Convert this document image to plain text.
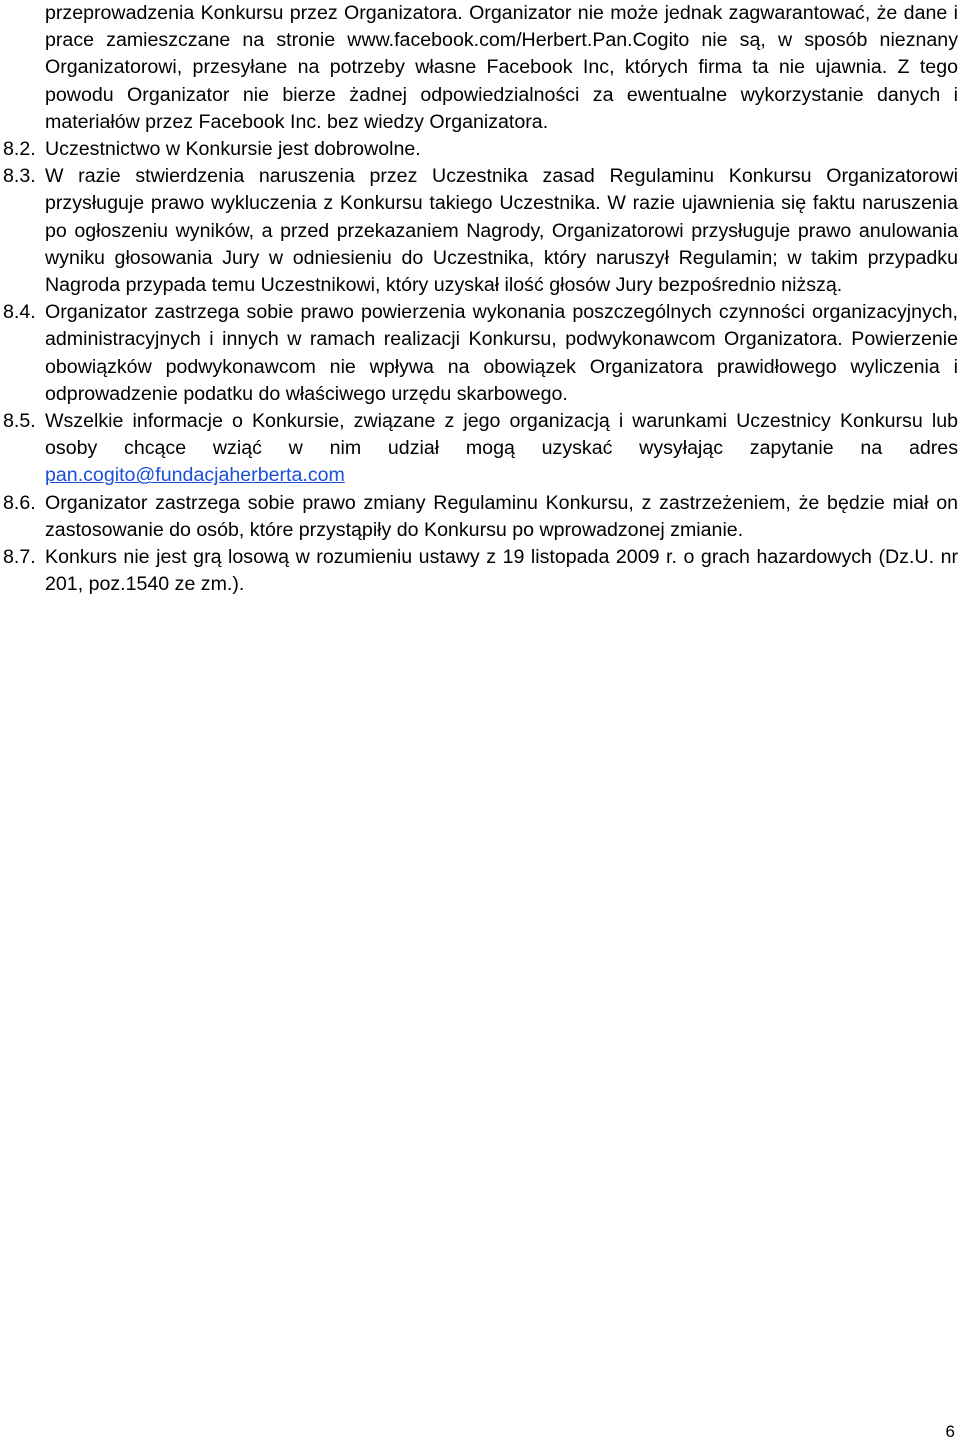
przeprowadzenia Konkursu przez Organizatora. Organizator nie może jednak zagwarantować, że dane i prace zamieszczane na stronie www.facebook.com/Herbert.Pan.Cogito nie są, w sposób nieznany Organizatorowi, przesyłane na potrzeby własne Facebook Inc, których firma ta nie ujawnia. Z tego powodu Organizator nie bierze żadnej odpowiedzialności za ewentualne wykorzystanie danych i materiałów przez Facebook Inc. bez wiedzy Organizatora.

8.2. Uczestnictwo w Konkursie jest dobrowolne.
8.3. W razie stwierdzenia naruszenia przez Uczestnika zasad Regulaminu Konkursu Organizatorowi przysługuje prawo wykluczenia z Konkursu takiego Uczestnika. W razie ujawnienia się faktu naruszenia po ogłoszeniu wyników, a przed przekazaniem Nagrody, Organizatorowi przysługuje prawo anulowania wyniku głosowania Jury w odniesieniu do Uczestnika, który naruszył Regulamin; w takim przypadku Nagroda przypada temu Uczestnikowi, który uzyskał ilość głosów Jury bezpośrednio niższą.
8.4. Organizator zastrzega sobie prawo powierzenia wykonania poszczególnych czynności organizacyjnych, administracyjnych i innych w ramach realizacji Konkursu, podwykonawcom Organizatora. Powierzenie obowiązków podwykonawcom nie wpływa na obowiązek Organizatora prawidłowego wyliczenia i odprowadzenie podatku do właściwego urzędu skarbowego.
8.5. Wszelkie informacje o Konkursie, związane z jego organizacją i warunkami Uczestnicy Konkursu lub osoby chcące wziąć w nim udział mogą uzyskać wysyłając zapytanie na adres pan.cogito@fundacjaherberta.com
8.6. Organizator zastrzega sobie prawo zmiany Regulaminu Konkursu, z zastrzeżeniem, że będzie miał on zastosowanie do osób, które przystąpiły do Konkursu po wprowadzonej zmianie.
8.7. Konkurs nie jest grą losową w rozumieniu ustawy z 19 listopada 2009 r. o grach hazardowych (Dz.U. nr 201, poz.1540 ze zm.).
6
